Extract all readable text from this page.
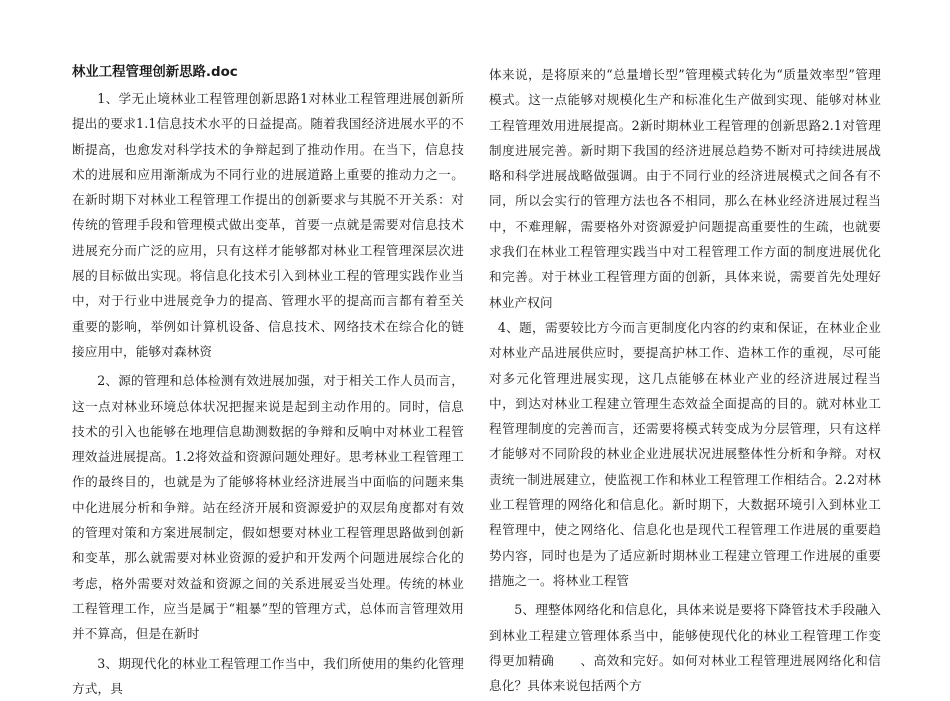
林业工程管理创新思路.doc

1、学无止境林业工程管理创新思路1对林业工程管理进展创新所提出的要求1.1信息技术水平的日益提高。随着我国经济进展水平的不断提高，也愈发对科学技术的争辩起到了推动作用。在当下，信息技术的进展和应用渐渐成为不同行业的进展道路上重要的推动力之一。在新时期下对林业工程管理工作提出的创新要求与其脱不开关系：对传统的管理手段和管理模式做出变革，首要一点就是需要对信息技术进展充分而广泛的应用，只有这样才能够都对林业工程管理深层次进展的目标做出实现。将信息化技术引入到林业工程的管理实践作业当中，对于行业中进展竞争力的提高、管理水平的提高而言都有着至关重要的影响，举例如计算机设备、信息技术、网络技术在综合化的链接应用中，能够对森林资

2、源的管理和总体检测有效进展加强，对于相关工作人员而言，这一点对林业环境总体状况把握来说是起到主动作用的。同时，信息技术的引入也能够在地理信息勘测数据的争辩和反响中对林业工程管理效益进展提高。1.2将效益和资源问题处理好。思考林业工程管理工作的最终目的，也就是为了能够将林业经济进展当中面临的问题来集中化进展分析和争辩。站在经济开展和资源爱护的双层角度都对有效的管理对策和方案进展制定，假如想要对林业工程管理思路做到创新和变革，那么就需要对林业资源的爱护和开发两个问题进展综合化的考虑，格外需要对效益和资源之间的关系进展妥当处理。传统的林业工程管理工作，应当是属于“粗暴”型的管理方式，总体而言管理效用并不算高，但是在新时

3、期现代化的林业工程管理工作当中，我们所使用的集约化管理方式，具

体来说，是将原来的“总量增长型”管理模式转化为“质量效率型”管理模式。这一点能够对规模化生产和标准化生产做到实现、能够对林业工程管理效用进展提高。2新时期林业工程管理的创新思路2.1对管理制度进展完善。新时期下我国的经济进展总趋势不断对可持续进展战略和科学进展战略做强调。由于不同行业的经济进展模式之间各有不同，所以会实行的管理方法也各不相同，那么在林业经济进展过程当中，不难理解，需要格外对资源爱护问题提高重要性的生疏，也就要求我们在林业工程管理实践当中对工程管理工作方面的制度进展优化和完善。对于林业工程管理方面的创新，具体来说，需要首先处理好林业产权问

4、题，需要较比方今而言更制度化内容的约束和保证，在林业企业对林业产品进展供应时，要提高护林工作、造林工作的重视，尽可能对多元化管理进展实现，这几点能够在林业产业的经济进展过程当中，到达对林业工程建立管理生态效益全面提高的目的。就对林业工程管理制度的完善而言，还需要将模式转变成为分层管理，只有这样才能够对不同阶段的林业企业进展状况进展整体性分析和争辩。对权责统一制进展建立，使监视工作和林业工程管理工作相结合。2.2对林业工程管理的网络化和信息化。新时期下，大数据环境引入到林业工程管理中，使之网络化、信息化也是现代工程管理工作进展的重要趋势内容，同时也是为了适应新时期林业工程建立管理工作进展的重要措施之一。将林业工程管

5、理整体网络化和信息化，具体来说是要将下降管技术手段融入到林业工程建立管理体系当中，能够使现代化的林业工程管理工作变得更加精确　　、高效和完好。如何对林业工程管理进展网络化和信息化？具体来说包括两个方
